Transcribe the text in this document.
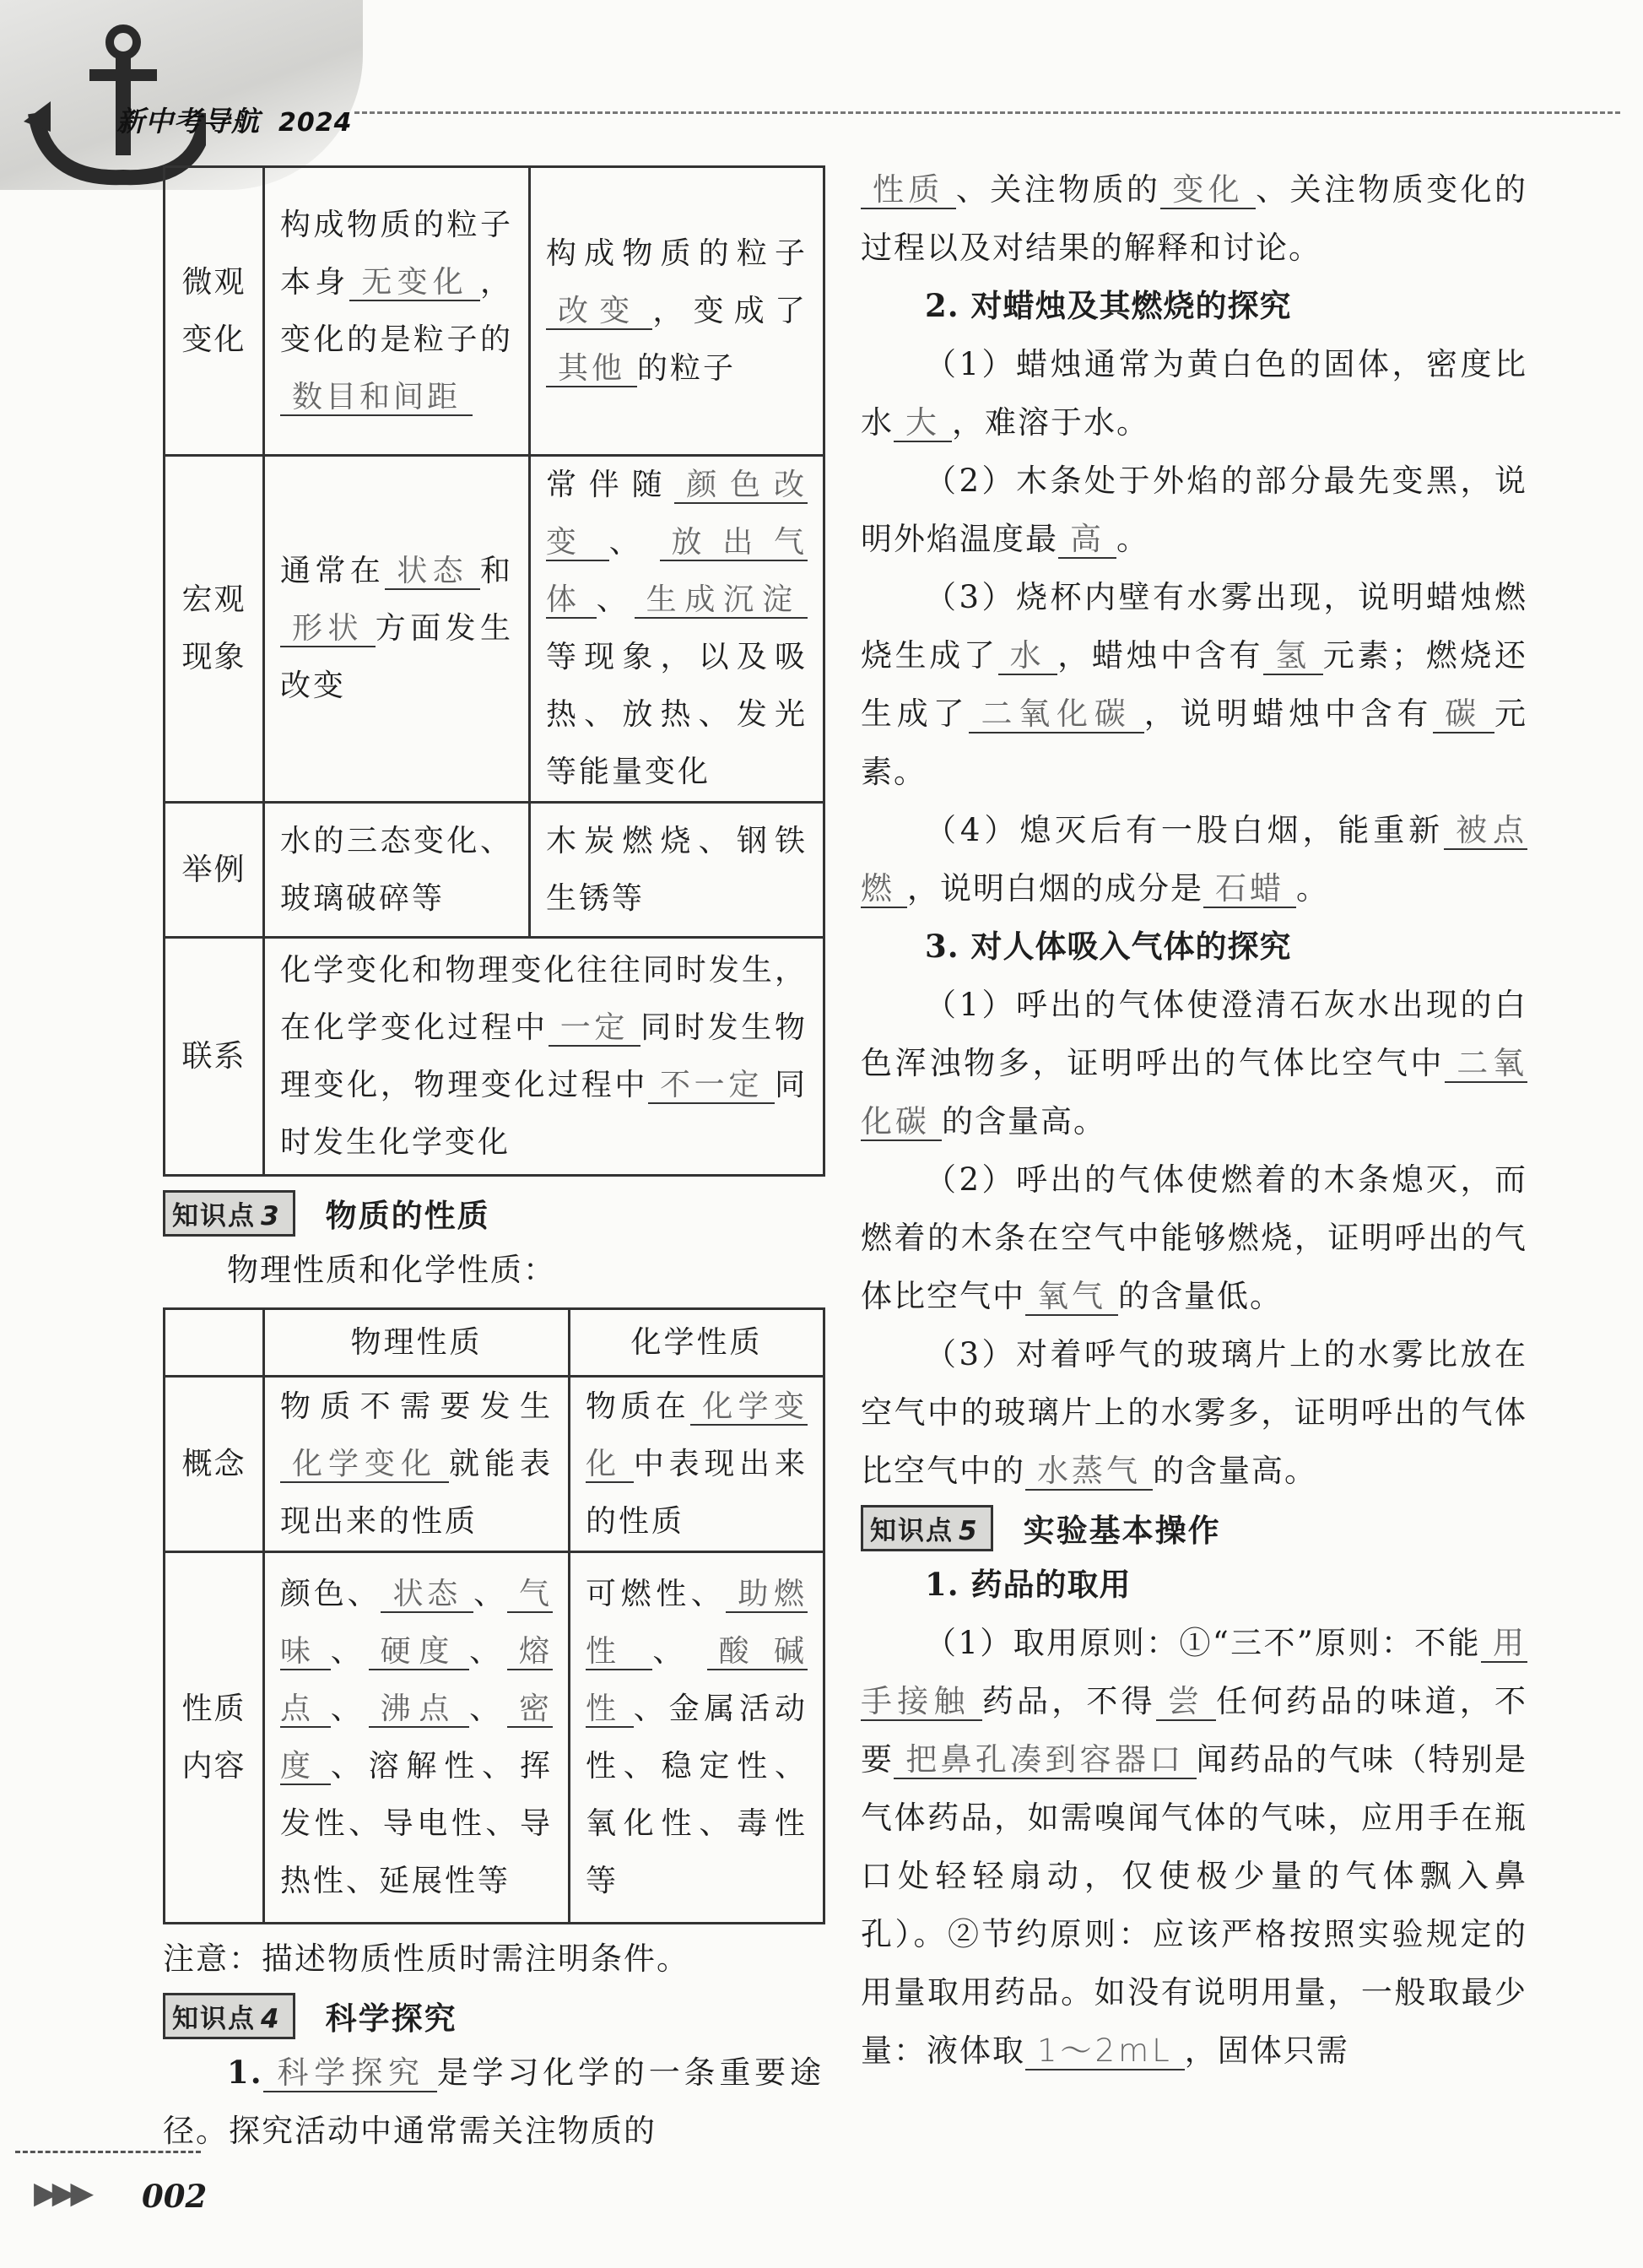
新中考导航 2024
微观变化	构成物质的粒子本身 无变化 ，变化的是粒子的数目和间距	构成物质的粒子改变 ，变成了其他 的粒子
宏观现象	通常在 状态 和形状 方面发生改变	常伴随 颜色改变 、 放出气体 、 生成沉淀等现象，以及吸热、放热、发光等能量变化
举例	水的三态变化、玻璃破碎等	木炭燃烧、钢铁生锈等
联系	化学变化和物理变化往往同时发生，在化学变化过程中 一定 同时发生物理变化，物理变化过程中 不一定 同时发生化学变化	
知识点 3	物质的性质
物理性质和化学性质：
	物理性质	化学性质
概念	物质不需要发生化学变化 就能表现出来的性质	物质在 化学变化 中表现出来的性质
性质内容	颜色、 状态 、 气味 、 硬度 、 熔点 、 沸点 、 密度 、溶解性、挥发性、导电性、导热性、延展性等	可燃性、 助燃性 、 酸碱性 、金属活动性、稳定性、氧化性、毒性等
注意：描述物质性质时需注明条件。
知识点 4	科学探究
1. 科学探究 是学习化学的一条重要途径。探究活动中通常需关注物质的
性质 、关注物质的 变化 、关注物质变化的过程以及对结果的解释和讨论。
2. 对蜡烛及其燃烧的探究
（1）蜡烛通常为黄白色的固体，密度比水 大 ，难溶于水。
（2）木条处于外焰的部分最先变黑，说明外焰温度最 高 。
（3）烧杯内壁有水雾出现，说明蜡烛燃烧生成了 水 ，蜡烛中含有 氢 元素；燃烧还生成了 二氧化碳 ，说明蜡烛中含有 碳 元素。
（4）熄灭后有一股白烟，能重新 被点燃 ，说明白烟的成分是 石蜡 。
3. 对人体吸入气体的探究
（1）呼出的气体使澄清石灰水出现的白色浑浊物多，证明呼出的气体比空气中 二氧化碳 的含量高。
（2）呼出的气体使燃着的木条熄灭，而燃着的木条在空气中能够燃烧，证明呼出的气体比空气中 氧气 的含量低。
（3）对着呼气的玻璃片上的水雾比放在空气中的玻璃片上的水雾多，证明呼出的气体比空气中的 水蒸气 的含量高。
知识点 5	实验基本操作
1. 药品的取用
（1）取用原则：①“三不”原则：不能 用手接触 药品，不得 尝 任何药品的味道，不要 把鼻孔凑到容器口 闻药品的气味（特别是气体药品，如需嗅闻气体的气味，应用手在瓶口处轻轻扇动，仅使极少量的气体飘入鼻孔）。②节约原则：应该严格按照实验规定的用量取用药品。如没有说明用量，一般取最少量：液体取 1～2mL ，固体只需
▶▶▶ 002
